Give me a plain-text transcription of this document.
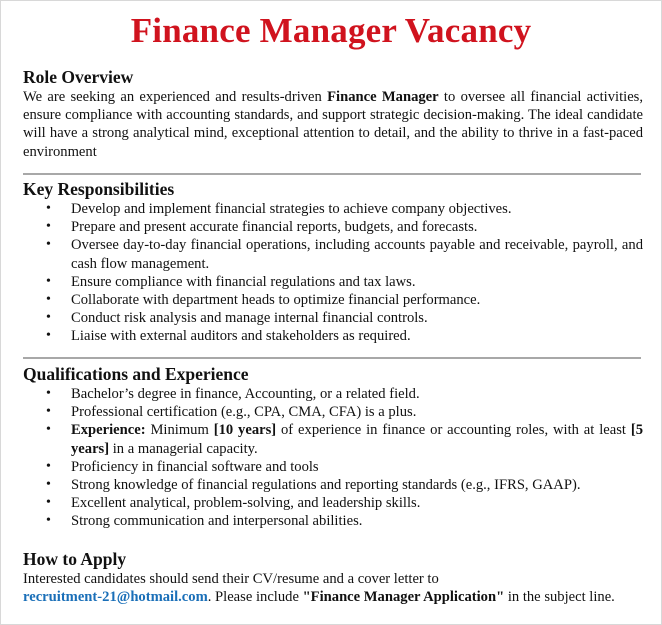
Finance Manager Vacancy
Role Overview

We are seeking an experienced and results-driven Finance Manager to oversee all financial activities, ensure compliance with accounting standards, and support strategic decision-making. The ideal candidate will have a strong analytical mind, exceptional attention to detail, and the ability to thrive in a fast-paced environment

Key Responsibilities
• Develop and implement financial strategies to achieve company objectives.
• Prepare and present accurate financial reports, budgets, and forecasts.
• Oversee day-to-day financial operations, including accounts payable and receivable, payroll, and cash flow management.
• Ensure compliance with financial regulations and tax laws.
• Collaborate with department heads to optimize financial performance.
• Conduct risk analysis and manage internal financial controls.
• Liaise with external auditors and stakeholders as required.
Qualifications and Experience
• Bachelor’s degree in finance, Accounting, or a related field.
• Professional certification (e.g., CPA, CMA, CFA) is a plus.
• Experience: Minimum [10 years] of experience in finance or accounting roles, with at least [5 years] in a managerial capacity.
• Proficiency in financial software and tools
• Strong knowledge of financial regulations and reporting standards (e.g., IFRS, GAAP).
• Excellent analytical, problem-solving, and leadership skills.
• Strong communication and interpersonal abilities.
How to Apply

Interested candidates should send their CV/resume and a cover letter to

recruitment-21@hotmail.com. Please include "Finance Manager Application" in the subject line.
